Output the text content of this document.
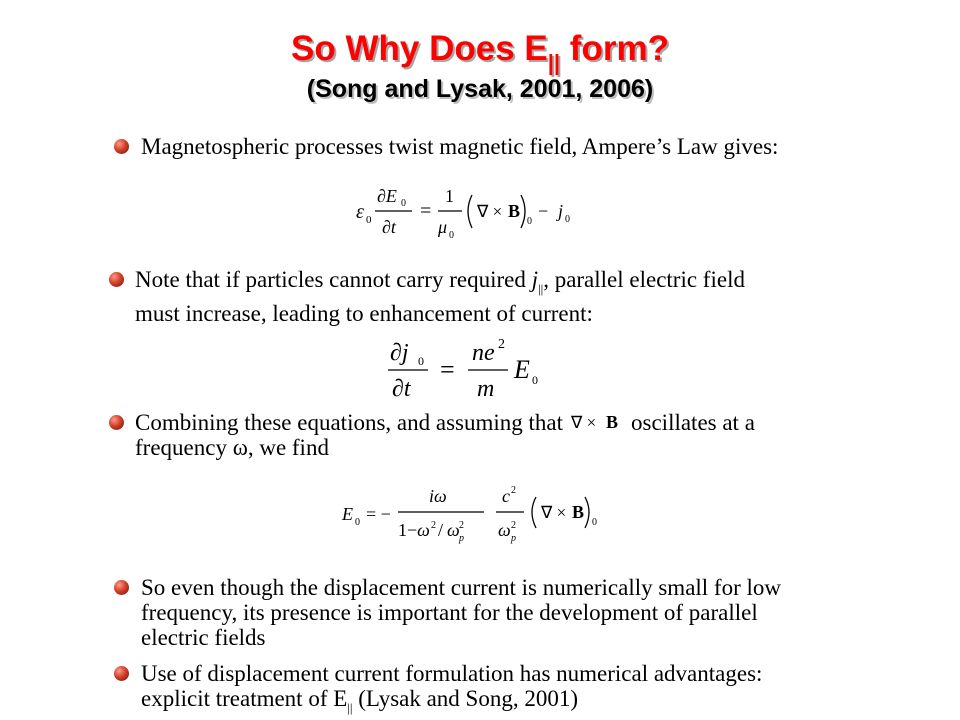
So Why Does $E_{||}$ form?
(Song and Lysak, 2001, 2006)
Magnetospheric processes twist magnetic field, Ampere’s Law gives:
ε 0
∂E 0
∂t
=
1
μ 0
∇ × B
0
− j 0
Note that if particles cannot carry required $j_{||}$, parallel electric field
must increase, leading to enhancement of current:
∂j 0
∂t
=
ne 2
m
E 0
Combining these equations, and assuming that ∇ × B oscillates at a
frequency ω, we find
E 0 = −
iω
1−ω 2 / ω 2
p
c 2
ω 2
p
∇ × B
0
So even though the displacement current is numerically small for low
frequency, its presence is important for the development of parallel
electric fields
Use of displacement current formulation has numerical advantages:
explicit treatment of $E_{||}$ (Lysak and Song, 2001)
